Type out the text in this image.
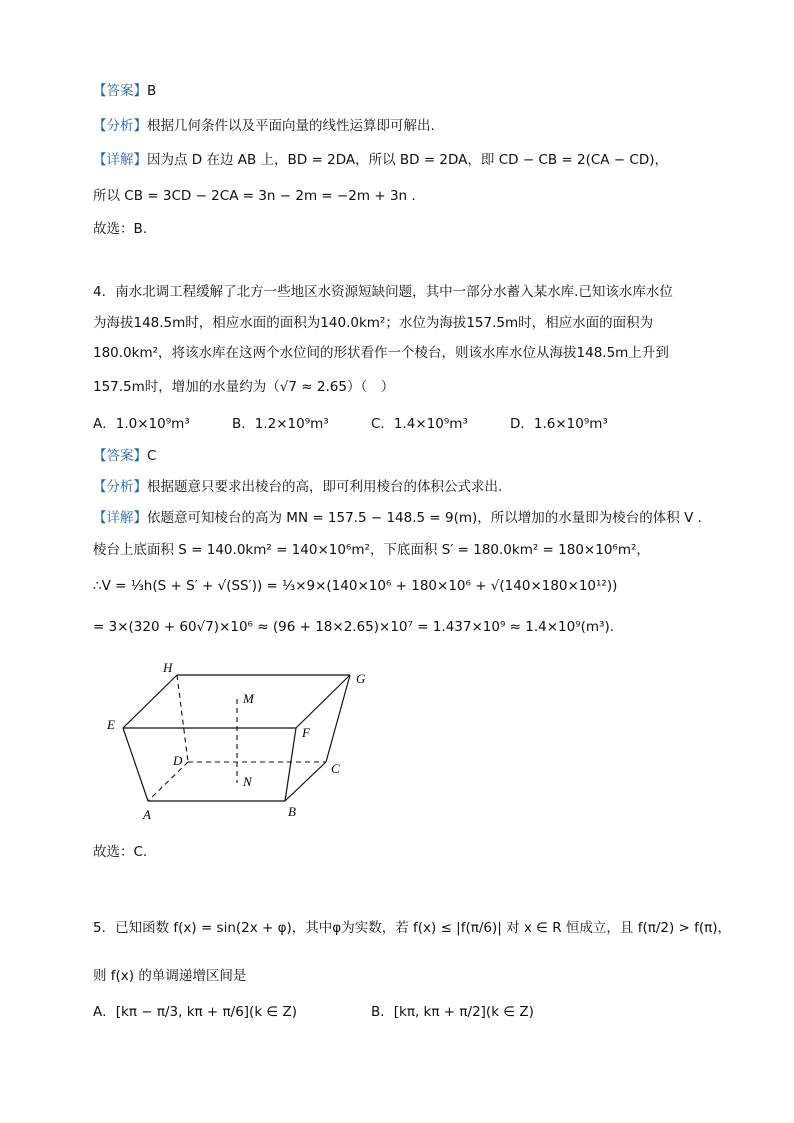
【答案】B
【分析】根据几何条件以及平面向量的线性运算即可解出.
【详解】因为点 D 在边 AB 上，BD = 2DA，所以 BD = 2DA，即 CD − CB = 2(CA − CD)，
所以 CB = 3CD − 2CA = 3n − 2m = −2m + 3n .
故选：B.
4．南水北调工程缓解了北方一些地区水资源短缺问题，其中一部分水蓄入某水库.已知该水库水位
为海拔148.5m时，相应水面的面积为140.0km²；水位为海拔157.5m时，相应水面的面积为
180.0km²，将该水库在这两个水位间的形状看作一个棱台，则该水库水位从海拔148.5m上升到
157.5m时，增加的水量约为（√7 ≈ 2.65）（　）
A．1.0×10⁹m³	B．1.2×10⁹m³	C．1.4×10⁹m³	D．1.6×10⁹m³
【答案】C
【分析】根据题意只要求出棱台的高，即可利用棱台的体积公式求出.
【详解】依题意可知棱台的高为 MN = 157.5 − 148.5 = 9(m)，所以增加的水量即为棱台的体积 V .
棱台上底面积 S = 140.0km² = 140×10⁶m²，下底面积 S′ = 180.0km² = 180×10⁶m²，
∴V = ⅓h(S + S′ + √(SS′)) = ⅓×9×(140×10⁶ + 180×10⁶ + √(140×180×10¹²))
= 3×(320 + 60√7)×10⁶ ≈ (96 + 18×2.65)×10⁷ = 1.437×10⁹ ≈ 1.4×10⁹(m³).
H
G
M
E
F
D
C
N
A	B
故选：C.
5．已知函数 f(x) = sin(2x + φ)，其中φ为实数，若 f(x) ≤ |f(π/6)| 对 x ∈ R 恒成立，且 f(π/2) > f(π)，
则 f(x) 的单调递增区间是
A．[kπ − π/3, kπ + π/6](k ∈ Z)	B．[kπ, kπ + π/2](k ∈ Z)
